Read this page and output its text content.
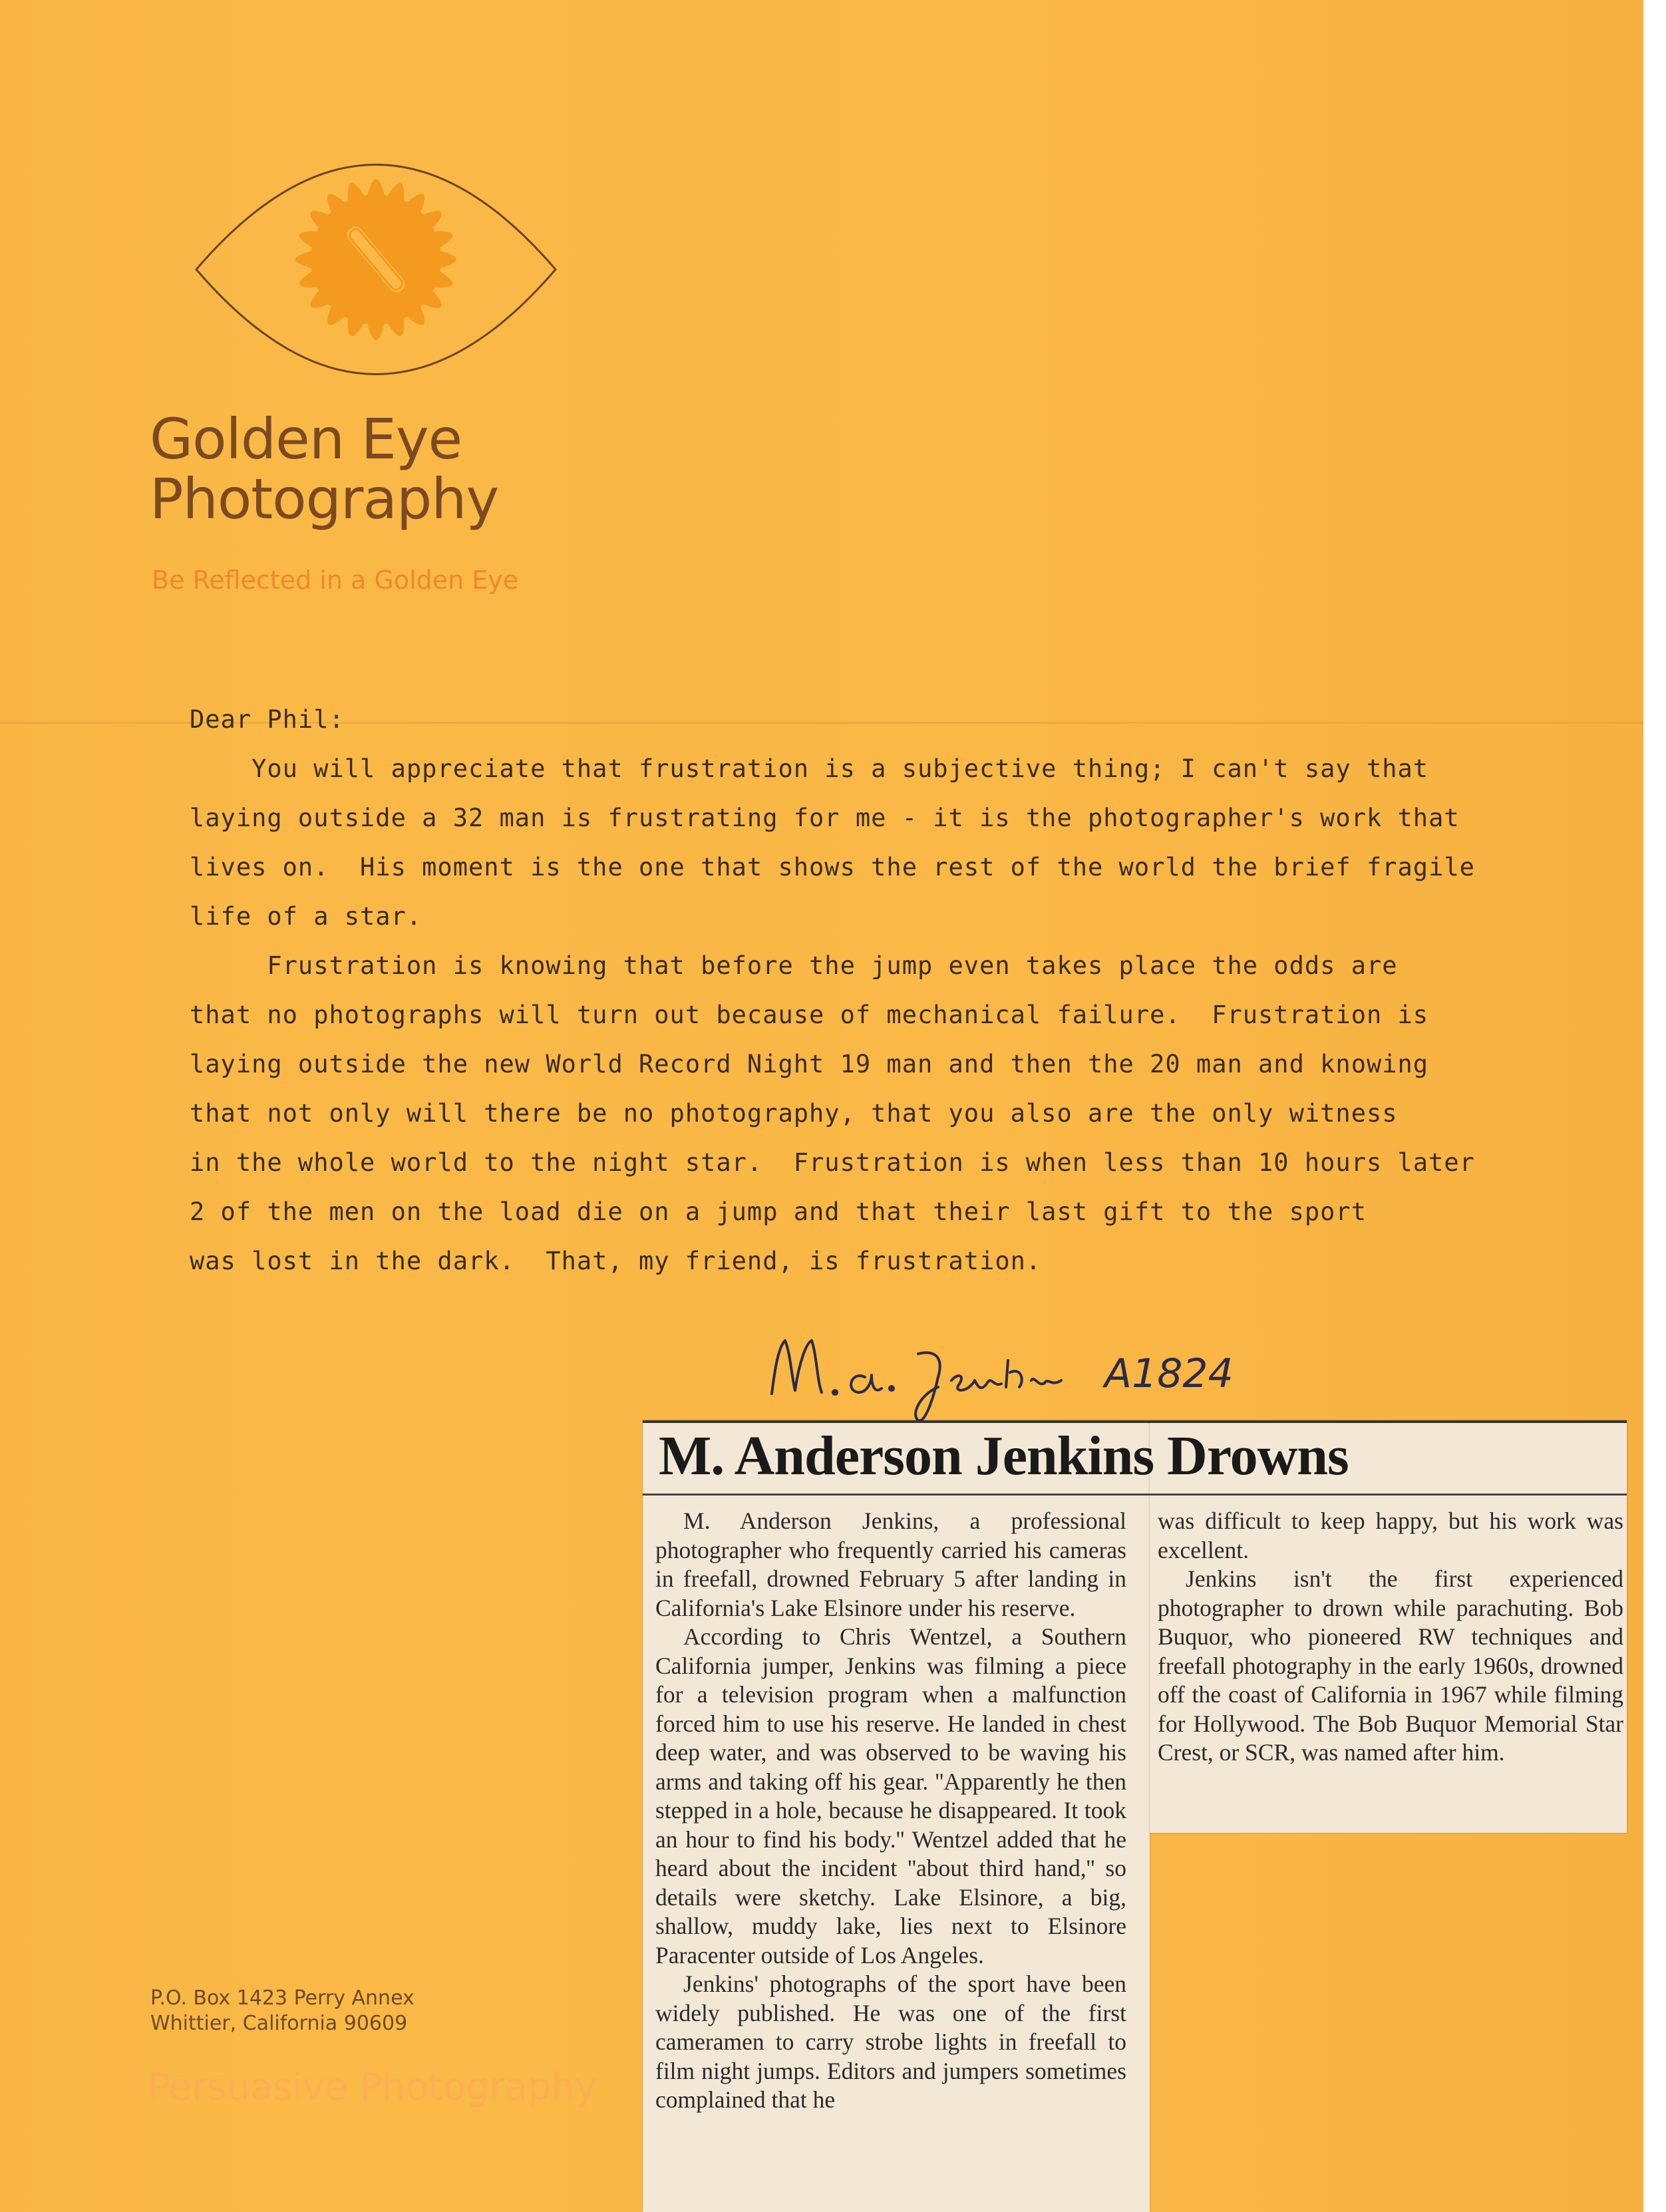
Golden Eye
Photography
Be Reflected in a Golden Eye
Dear Phil:
You will appreciate that frustration is a subjective thing; I can't say that
laying outside a 32 man is frustrating for me - it is the photographer's work that
lives on.  His moment is the one that shows the rest of the world the brief fragile
life of a star.
Frustration is knowing that before the jump even takes place the odds are
that no photographs will turn out because of mechanical failure.  Frustration is
laying outside the new World Record Night 19 man and then the 20 man and knowing
that not only will there be no photography, that you also are the only witness
in the whole world to the night star.  Frustration is when less than 10 hours later
2 of the men on the load die on a jump and that their last gift to the sport
was lost in the dark.  That, my friend, is frustration.
A1824
M. Anderson Jenkins Drowns

M. Anderson Jenkins, a professional photographer who frequently carried his cameras in freefall, drowned February 5 after landing in California's Lake Elsinore under his reserve.

According to Chris Wentzel, a Southern California jumper, Jenkins was filming a piece for a television program when a malfunction forced him to use his reserve. He landed in chest deep water, and was observed to be waving his arms and taking off his gear. ''Apparently he then stepped in a hole, because he disappeared. It took an hour to find his body.'' Wentzel added that he heard about the incident ''about third hand,'' so details were sketchy. Lake Elsinore, a big, shallow, muddy lake, lies next to Elsinore Paracenter outside of Los Angeles.

Jenkins' photographs of the sport have been widely published. He was one of the first cameramen to carry strobe lights in freefall to film night jumps. Editors and jumpers sometimes complained that he

was difficult to keep happy, but his work was excellent.

Jenkins isn't the first experienced photographer to drown while parachuting. Bob Buquor, who pioneered RW techniques and freefall photography in the early 1960s, drowned off the coast of California in 1967 while filming for Hollywood. The Bob Buquor Memorial Star Crest, or SCR, was named after him.

P.O. Box 1423 Perry Annex
Whittier, California 90609
Persuasive Photography
